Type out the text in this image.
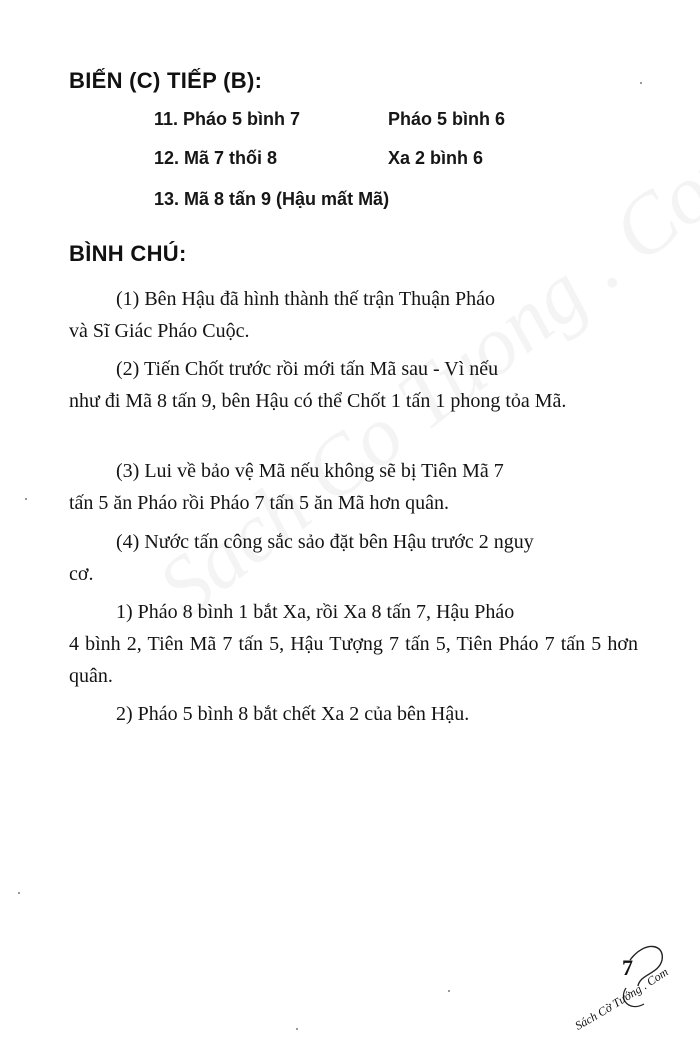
BIẾN (C) TIẾP (B):
11. Pháo 5 bình 7	Pháo 5 bình 6
12. Mã 7 thối 8	Xa 2 bình 6
13. Mã 8 tấn 9 (Hậu mất Mã)
BÌNH CHÚ:
(1) Bên Hậu đã hình thành thế trận Thuận Pháo
và Sĩ Giác Pháo Cuộc.
(2) Tiến Chốt trước rồi mới tấn Mã sau - Vì nếu
như đi Mã 8 tấn 9, bên Hậu có thể Chốt 1 tấn 1 phong tỏa Mã.
(3) Lui về bảo vệ Mã nếu không sẽ bị Tiên Mã 7
tấn 5 ăn Pháo rồi Pháo 7 tấn 5 ăn Mã hơn quân.
(4) Nước tấn công sắc sảo đặt bên Hậu trước 2 nguy
cơ.
1) Pháo 8 bình 1 bắt Xa, rồi Xa 8 tấn 7, Hậu Pháo
4 bình 2, Tiên Mã 7 tấn 5, Hậu Tượng 7 tấn 5, Tiên Pháo 7 tấn 5 hơn quân.
2) Pháo 5 bình 8 bắt chết Xa 2 của bên Hậu.
Sách Cờ Tướng . Com
7
